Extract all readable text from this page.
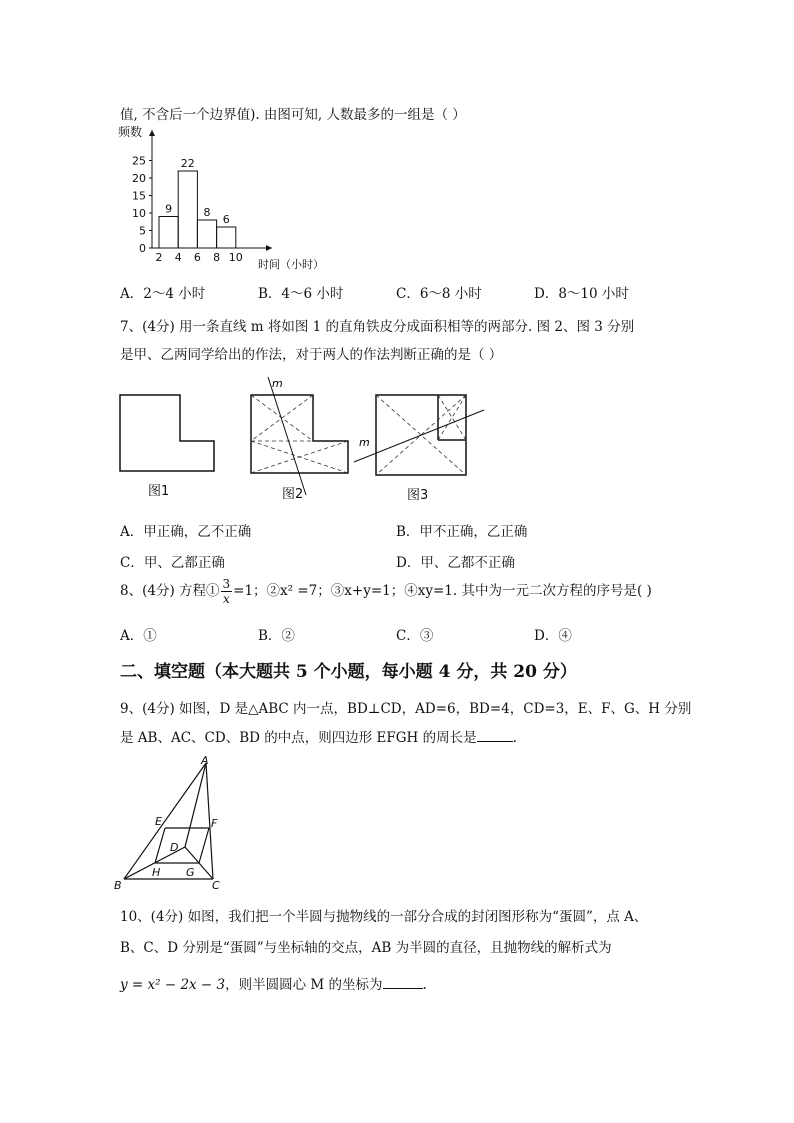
值, 不含后一个边界值). 由图可知, 人数最多的一组是（ ）
0
5
10
15
20
25
2 4 6 8 10
9
22
8
6
频数
时间（小时）
A．2～4 小时	B．4～6 小时	C．6～8 小时	D．8～10 小时
7、(4分) 用一条直线 m 将如图 1 的直角铁皮分成面积相等的两部分. 图 2、图 3 分别
是甲、乙两同学给出的作法，对于两人的作法判断正确的是（ ）
图1
m
图2
m
图3
A．甲正确，乙不正确	B．甲不正确，乙正确
C．甲、乙都正确	D．甲、乙都不正确
8、(4分) 方程① $\frac{3}{x} =1$；②x² =7；③x+y=1；④xy=1. 其中为一元二次方程的序号是( )
A．①	B．②	C．③	D．④
二、填空题（本大题共 5 个小题，每小题 4 分，共 20 分）
9、(4分) 如图，D 是△ABC 内一点，BD⊥CD，AD=6，BD=4，CD=3，E、F、G、H 分别
是 AB、AC、CD、BD 的中点，则四边形 EFGH 的周长是	.
A
B	C
D
E	F
G
H
10、(4分) 如图，我们把一个半圆与抛物线的一部分合成的封闭图形称为“蛋圆”，点 A、
B、C、D 分别是“蛋圆”与坐标轴的交点，AB 为半圆的直径，且抛物线的解析式为
y = x² − 2x − 3，则半圆圆心 M 的坐标为	.
